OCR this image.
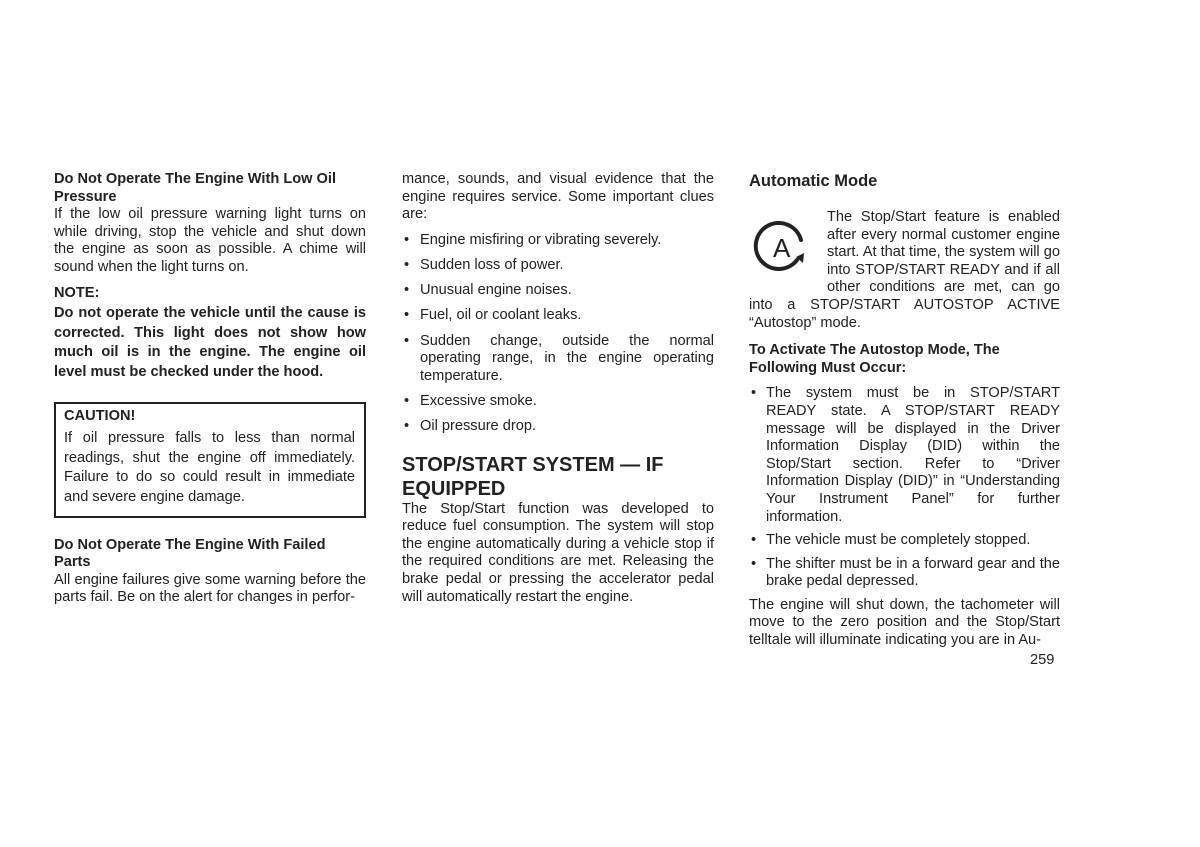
Do Not Operate The Engine With Low Oil Pressure

If the low oil pressure warning light turns on while driving, stop the vehicle and shut down the engine as soon as possible. A chime will sound when the light turns on.

NOTE:

Do not operate the vehicle until the cause is corrected. This light does not show how much oil is in the engine. The engine oil level must be checked under the hood.

CAUTION!

If oil pressure falls to less than normal readings, shut the engine off immediately. Failure to do so could result in immediate and severe engine damage.

Do Not Operate The Engine With Failed Parts

All engine failures give some warning before the parts fail. Be on the alert for changes in perfor-

mance, sounds, and visual evidence that the engine requires service. Some important clues are:

• Engine misfiring or vibrating severely.
• Sudden loss of power.
• Unusual engine noises.
• Fuel, oil or coolant leaks.
• Sudden change, outside the normal operating range, in the engine operating temperature.
• Excessive smoke.
• Oil pressure drop.
STOP/START SYSTEM — IF EQUIPPED

The Stop/Start function was developed to reduce fuel consumption. The system will stop the engine automatically during a vehicle stop if the required conditions are met. Releasing the brake pedal or pressing the accelerator pedal will automatically restart the engine.

Automatic Mode
A

The Stop/Start feature is enabled after every normal customer engine start. At that time, the system will go into STOP/START READY and if all other conditions are met, can go into a STOP/START AUTOSTOP ACTIVE “Autostop” mode.

To Activate The Autostop Mode, The Following Must Occur:
• The system must be in STOP/START READY state. A STOP/START READY message will be displayed in the Driver Information Display (DID) within the Stop/Start section. Refer to “Driver Information Display (DID)” in “Understanding Your Instrument Panel” for further information.
• The vehicle must be completely stopped.
• The shifter must be in a forward gear and the brake pedal depressed.

The engine will shut down, the tachometer will move to the zero position and the Stop/Start telltale will illuminate indicating you are in Au-

259
